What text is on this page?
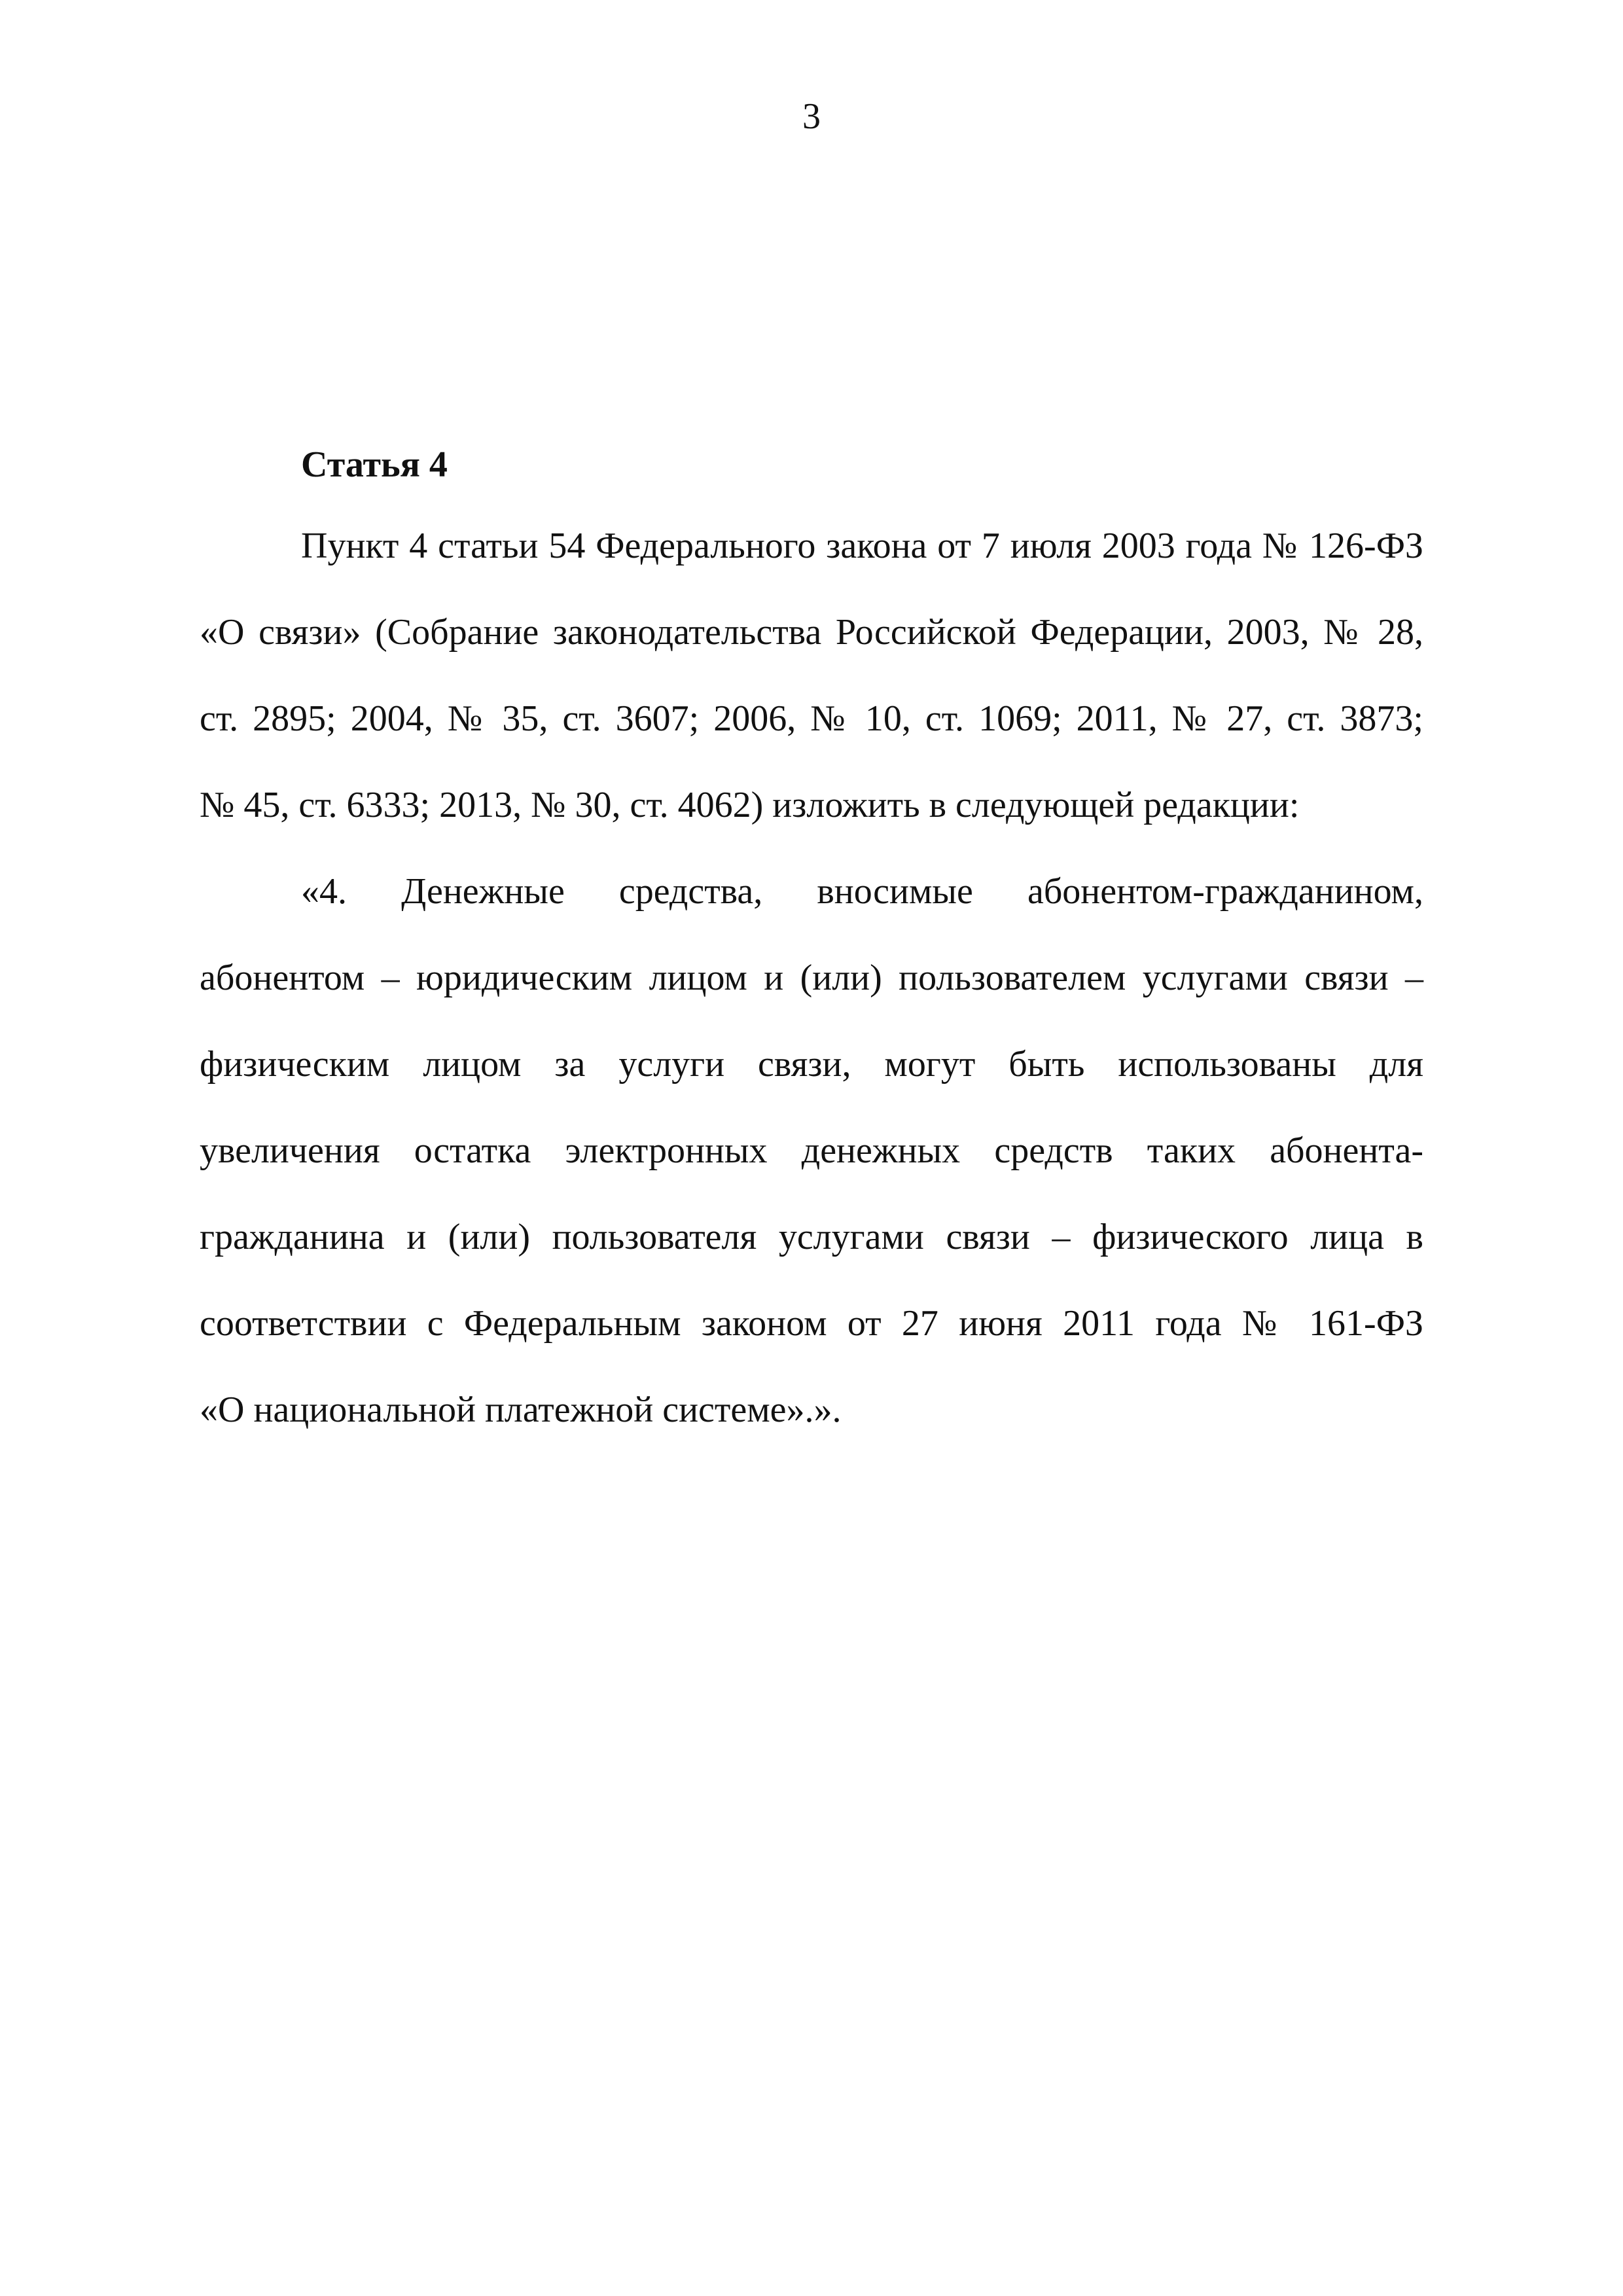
3
Статья 4
Пункт 4 статьи 54 Федерального закона от 7 июля 2003 года № 126-ФЗ
«О связи» (Собрание законодательства Российской Федерации, 2003, № 28,
ст. 2895; 2004, № 35, ст. 3607; 2006, № 10, ст. 1069; 2011, № 27, ст. 3873;
№ 45, ст. 6333; 2013, № 30, ст. 4062) изложить в следующей редакции:
«4. Денежные средства, вносимые абонентом-гражданином,
абонентом – юридическим лицом и (или) пользователем услугами связи –
физическим лицом за услуги связи, могут быть использованы для
увеличения остатка электронных денежных средств таких абонента-
гражданина и (или) пользователя услугами связи – физического лица в
соответствии с Федеральным законом от 27 июня 2011 года № 161-ФЗ
«О национальной платежной системе».».
